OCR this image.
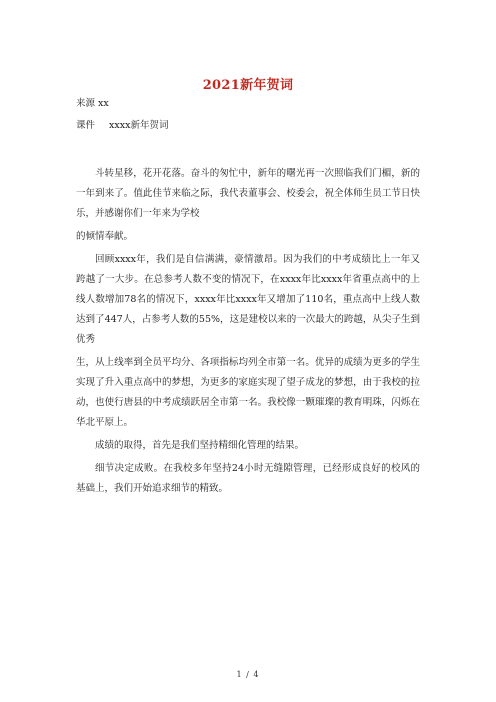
2021新年贺词
来源 xx
课件 xxxx新年贺词

斗转星移，花开花落。奋斗的匆忙中，新年的曙光再一次照临我们门楣，新的一年到来了。值此佳节来临之际，我代表董事会、校委会，祝全体师生员工节日快乐，并感谢你们一年来为学校

的倾情奉献。

回顾xxxx年，我们是自信满满，豪情激昂。因为我们的中考成绩比上一年又跨越了一大步。在总参考人数不变的情况下，在xxxx年比xxxx年省重点高中的上线人数增加78名的情况下，xxxx年比xxxx年又增加了110名，重点高中上线人数达到了447人，占参考人数的55%，这是建校以来的一次最大的跨越，从尖子生到优秀

生，从上线率到全员平均分、各项指标均列全市第一名。优异的成绩为更多的学生实现了升入重点高中的梦想，为更多的家庭实现了望子成龙的梦想，由于我校的拉动，也使行唐县的中考成绩跃居全市第一名。我校像一颗璀璨的教育明珠，闪烁在华北平原上。

成绩的取得，首先是我们坚持精细化管理的结果。

细节决定成败。在我校多年坚持24小时无缝隙管理，已经形成良好的校风的基础上，我们开始追求细节的精致。

1 / 4
